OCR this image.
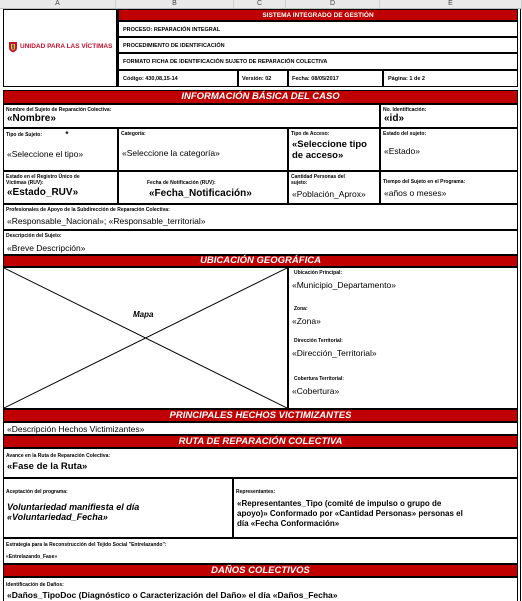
A	B	C	D	E
UNIDAD PARA LAS VÍCTIMAS
SISTEMA INTEGRADO DE GESTIÓN
PROCESO: REPARACIÓN INTEGRAL
PROCEDIMIENTO DE IDENTIFICACIÓN
FORMATO FICHA DE IDENTIFICACIÓN SUJETO DE REPARACIÓN COLECTIVA
Código: 430,08,15-14	Versión: 02	Fecha: 08/05/2017	Página: 1 de 2
INFORMACIÓN BÁSICA DEL CASO
Nombre del Sujeto de Reparación Colectiva:
«Nombre»
No. Identificación:
«id»
Tipo de Sujeto:	*
«Seleccione el tipo»
Categoría:
«Seleccione la categoría»
Tipo de Acceso:
«Seleccione tipo
de acceso»
Estado del sujeto:
«Estado»
Estado en el Registro Único de
Víctimas (RUV):
«Estado_RUV»
Fecha de Notificación (RUV):
«Fecha_Notificación»
Cantidad Personas del
sujeto:
«Población_Aprox»
Tiempo del Sujeto en el Programa:
«años o meses»
Profesionales de Apoyo de la Subdirección de Reparación Colectiva:
«Responsable_Nacional»; «Responsable_territorial»
Descripción del Sujeto:
«Breve Descripción»
UBICACIÓN GEOGRÁFICA
Mapa
Ubicación Principal:
«Municipio_Departamento»
Zona:
«Zona»
Dirección Territorial:
«Dirección_Territorial»
Cobertura Territorial:
«Cobertura»
PRINCIPALES HECHOS VICTIMIZANTES
«Descripción Hechos Victimizantes»
RUTA DE REPARACIÓN COLECTIVA
Avance en la Ruta de Reparación Colectiva:
«Fase de la Ruta»
Aceptación del programa:
Voluntariedad manifiesta el día
«Voluntariedad_Fecha»
Representantes:
«Representantes_Tipo (comité de impulso o grupo de
apoyo)» Conformado por «Cantidad Personas» personas el
día «Fecha Conformación»
Estrategia para la Reconstrucción del Tejido Social "Entrelazando":
«Entrelazando_Fase»
DAÑOS COLECTIVOS
Identificación de Daños:
«Daños_TipoDoc (Diagnóstico o Caracterización del Daño» el día «Daños_Fecha»
